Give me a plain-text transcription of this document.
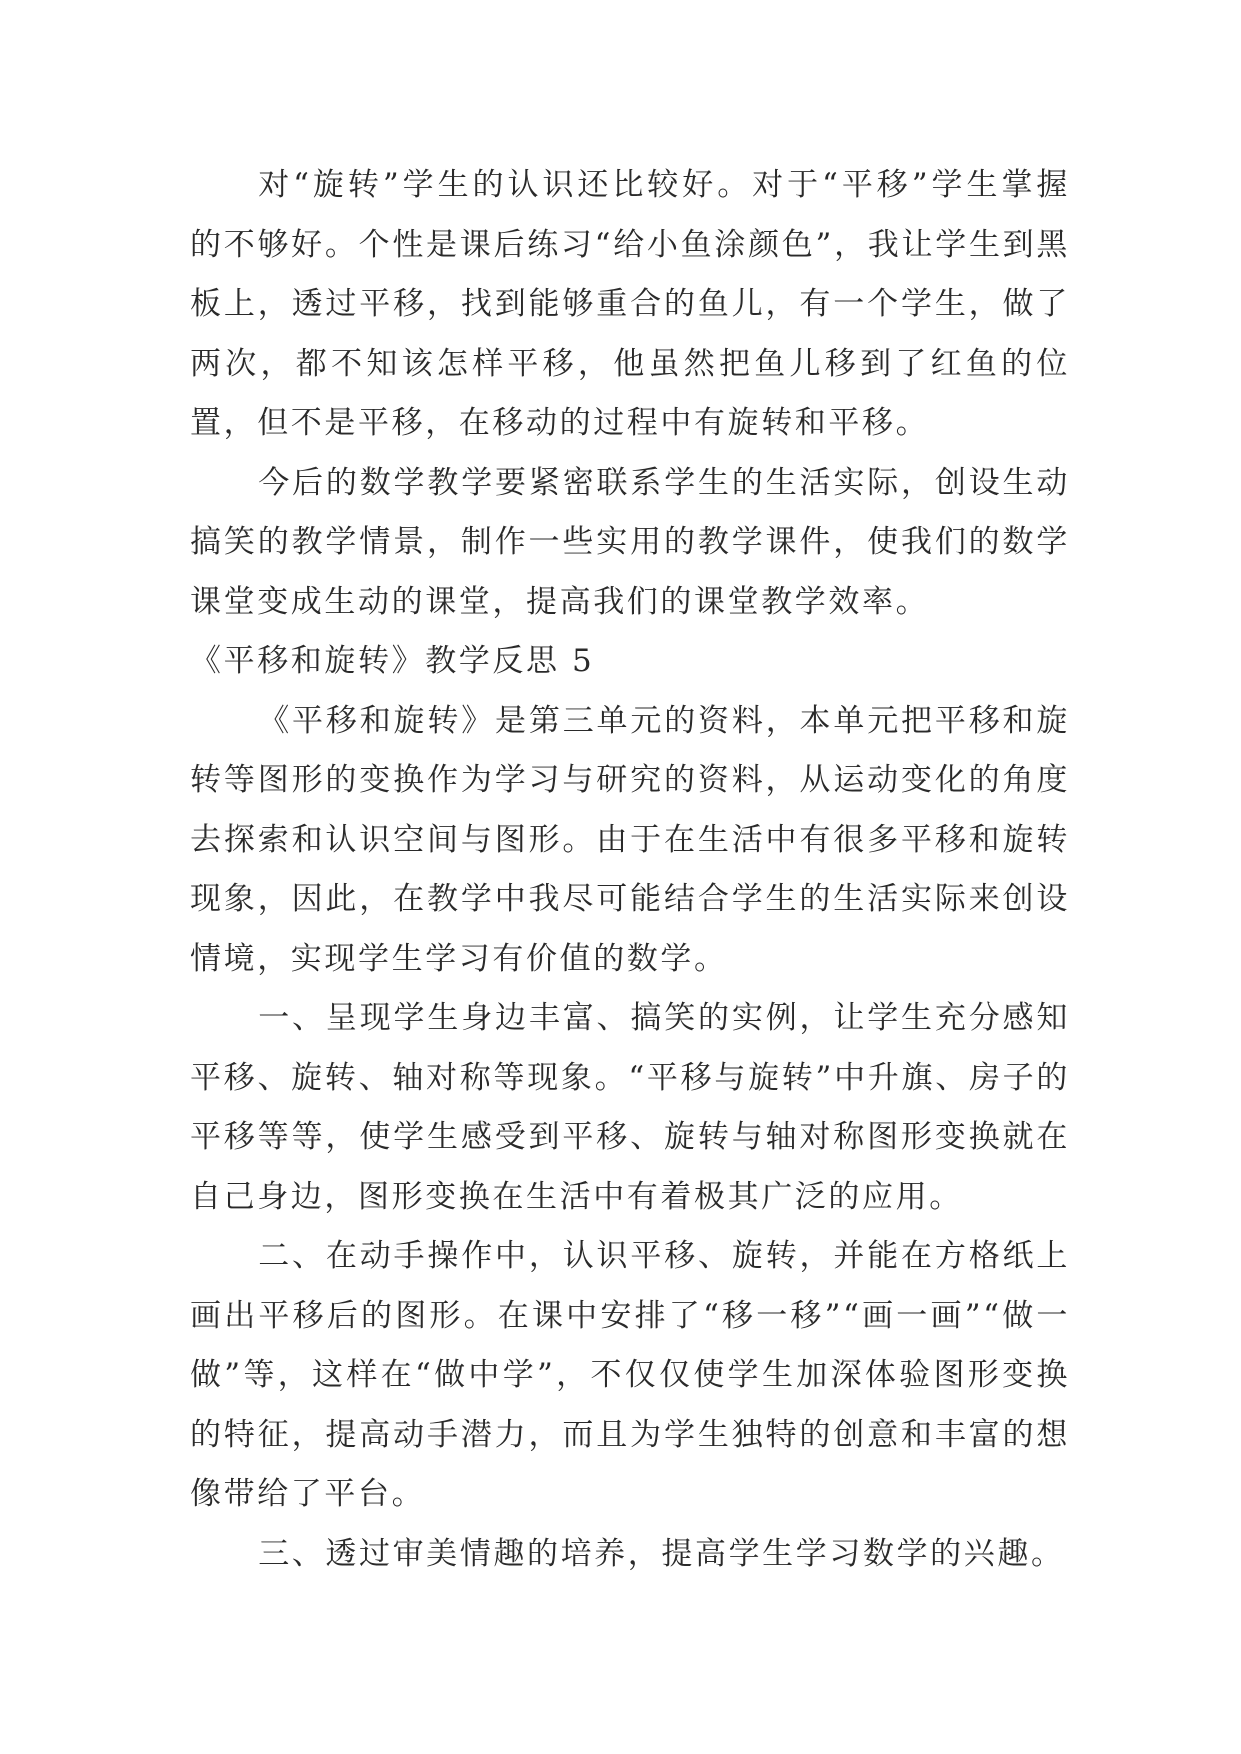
对“旋转”学生的认识还比较好。对于“平移”学生掌握的不够好。个性是课后练习“给小鱼涂颜色”，我让学生到黑板上，透过平移，找到能够重合的鱼儿，有一个学生，做了两次，都不知该怎样平移，他虽然把鱼儿移到了红鱼的位置，但不是平移，在移动的过程中有旋转和平移。

今后的数学教学要紧密联系学生的生活实际，创设生动搞笑的教学情景，制作一些实用的教学课件，使我们的数学课堂变成生动的课堂，提高我们的课堂教学效率。

《平移和旋转》教学反思 5

《平移和旋转》是第三单元的资料，本单元把平移和旋转等图形的变换作为学习与研究的资料，从运动变化的角度去探索和认识空间与图形。由于在生活中有很多平移和旋转现象，因此，在教学中我尽可能结合学生的生活实际来创设情境，实现学生学习有价值的数学。

一、呈现学生身边丰富、搞笑的实例，让学生充分感知平移、旋转、轴对称等现象。“平移与旋转”中升旗、房子的平移等等，使学生感受到平移、旋转与轴对称图形变换就在自己身边，图形变换在生活中有着极其广泛的应用。

二、在动手操作中，认识平移、旋转，并能在方格纸上画出平移后的图形。在课中安排了“移一移”“画一画”“做一做”等，这样在“做中学”，不仅仅使学生加深体验图形变换的特征，提高动手潜力，而且为学生独特的创意和丰富的想像带给了平台。

三、透过审美情趣的培养，提高学生学习数学的兴趣。
